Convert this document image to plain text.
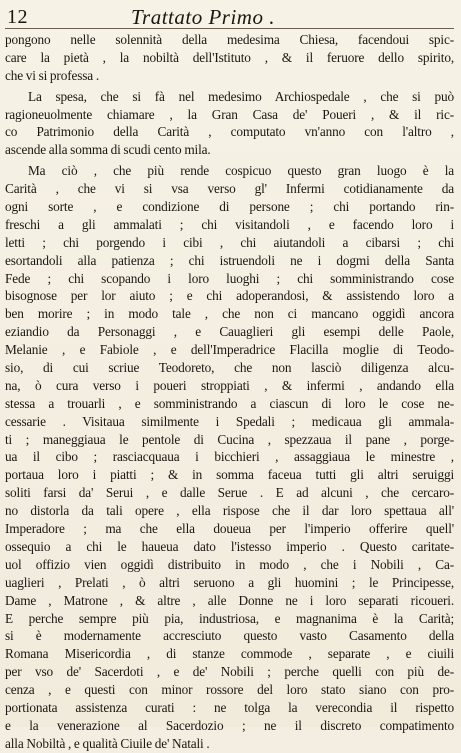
12	Trattato Primo .
pongono nelle solennità della medesima Chiesa, facendoui spic-
care la pietà , la nobiltà dell'Istituto , & il feruore dello spirito,
che vi si professa .
La spesa, che si fà nel medesimo Archiospedale , che si può
ragioneuolmente chiamare , la Gran Casa de' Poueri , & il ric-
co Patrimonio della Carità , computato vn'anno con l'altro ,
ascende alla somma di scudi cento mila.
Ma ciò , che più rende cospicuo questo gran luogo è la
Carità , che vi si vsa verso gl' Infermi cotidianamente da
ogni sorte , e condizione di persone ; chi portando rin-
freschi a gli ammalati ; chi visitandoli , e facendo loro i
letti ; chi porgendo i cibi , chi aiutandoli a cibarsi ; chi
esortandoli alla patienza ; chi istruendoli ne i dogmi della Santa
Fede ; chi scopando i loro luoghi ; chi somministrando cose
bisognose per lor aiuto ; e chi adoperandosi, & assistendo loro a
ben morire ; in modo tale , che non ci mancano oggidì ancora
eziandio da Personaggi , e Cauaglieri gli esempi delle Paole,
Melanie , e Fabiole , e dell'Imperadrice Flacilla moglie di Teodo-
sio, di cui scriue Teodoreto, che non lasciò diligenza alcu-
na, ò cura verso i poueri stroppiati , & infermi , andando ella
stessa a trouarli , e somministrando a ciascun di loro le cose ne-
cessarie . Visitaua similmente i Spedali ; medicaua gli ammala-
ti ; maneggiaua le pentole di Cucina , spezzaua il pane , porge-
ua il cibo ; rasciacquaua i bicchieri , assaggiaua le minestre ,
portaua loro i piatti ; & in somma faceua tutti gli altri seruiggi
soliti farsi da' Serui , e dalle Serue . E ad alcuni , che cercaro-
no distorla da tali opere , ella rispose che il dar loro spettaua all'
Imperadore ; ma che ella doueua per l'imperio offerire quell'
ossequio a chi le haueua dato l'istesso imperio . Questo caritate-
uol offizio vien oggidì distribuito in modo , che i Nobili , Ca-
uaglieri , Prelati , ò altri seruono a gli huomini ; le Principesse,
Dame , Matrone , & altre , alle Donne ne i loro separati ricoueri.
E perche sempre più pia, industriosa, e magnanima è la Carità;
si è modernamente accresciuto questo vasto Casamento della
Romana Misericordia , di stanze commode , separate , e ciuili
per vso de' Sacerdoti , e de' Nobili ; perche quelli con più de-
cenza , e questi con minor rossore del loro stato siano con pro-
portionata assistenza curati : ne tolga la verecondia il rispetto
e la venerazione al Sacerdozio ; ne il discreto compatimento
alla Nobiltà , e qualità Ciuile de' Natali .
